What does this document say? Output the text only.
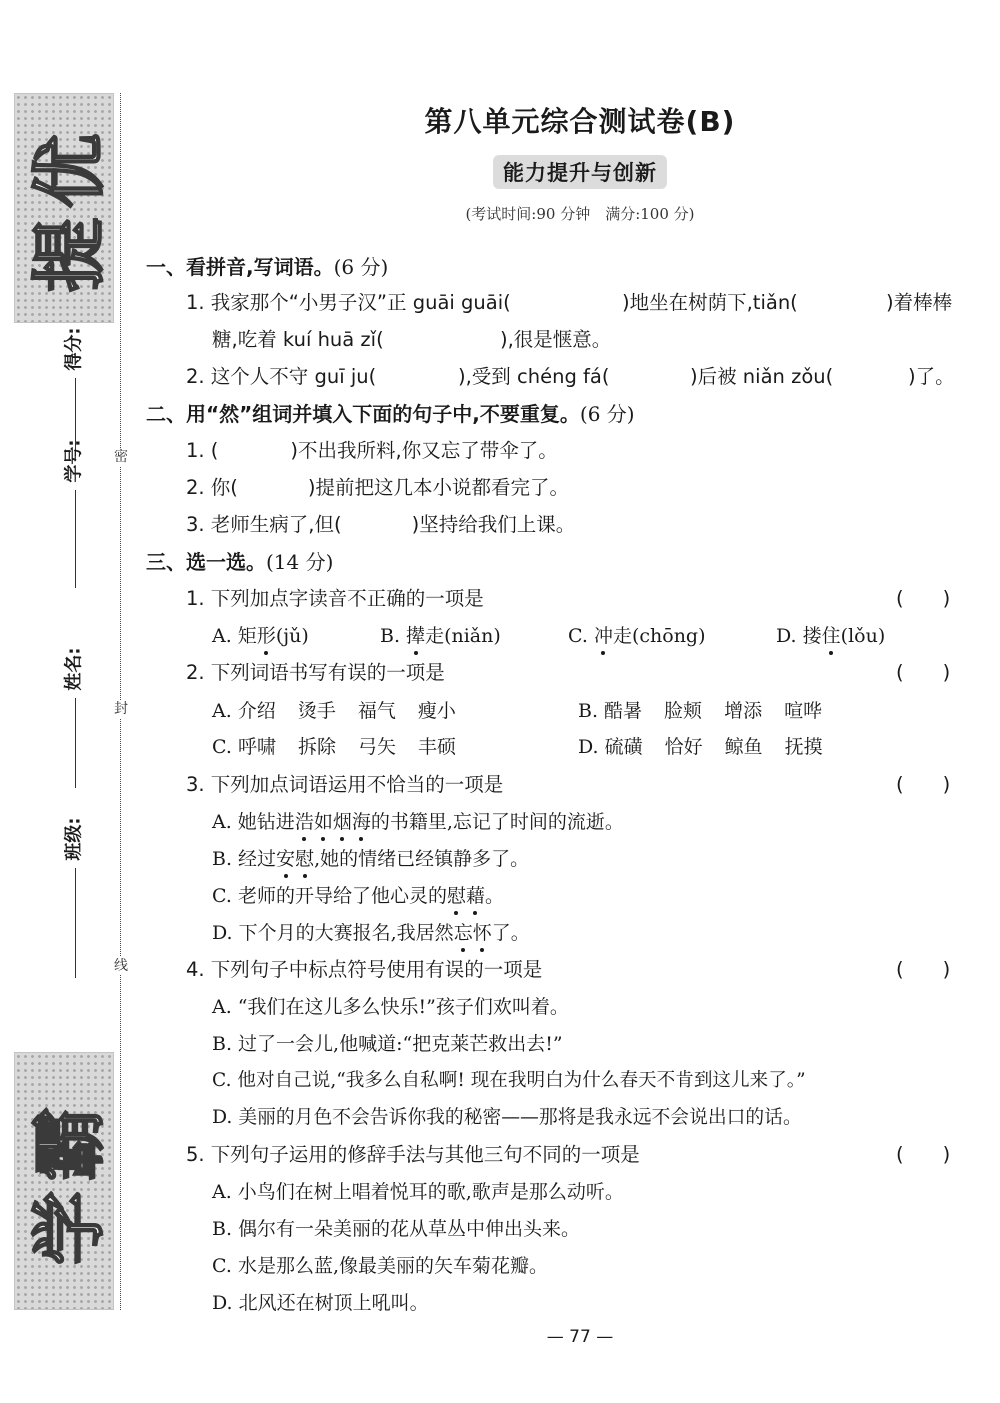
提优
得分:
学号:
姓名:
班级:
学霸
密
封
线
第八单元综合测试卷(B)
能力提升与创新
(考试时间:90 分钟　满分:100 分)
一、看拼音,写词语。(6 分)
1. 我家那个“小男子汉”正 guāi guāi(	)地坐在树荫下,tiǎn(	)着棒棒
糖,吃着 kuí huā zǐ(	),很是惬意。
2. 这个人不守 guī ju(	),受到 chéng fá(	)后被 niǎn zǒu(	)了。
二、用“然”组词并填入下面的句子中,不要重复。(6 分)
1. (	)不出我所料,你又忘了带伞了。
2. 你(	)提前把这几本小说都看完了。
3. 老师生病了,但(	)坚持给我们上课。
三、选一选。(14 分)
1. 下列加点字读音不正确的一项是	(　　)
A. 矩形(jǔ)	B. 撵走(niǎn)	C. 冲走(chōng)	D. 搂住(lǒu)
2. 下列词语书写有误的一项是	(　　)
A. 介绍 烫手 福气 瘦小	B. 酷暑 脸颊 增添 喧哗
C. 呼啸 拆除 弓矢 丰硕	D. 硫磺 恰好 鲸鱼 抚摸
3. 下列加点词语运用不恰当的一项是	(　　)
A. 她钻进浩如烟海的书籍里,忘记了时间的流逝。
B. 经过安慰,她的情绪已经镇静多了。
C. 老师的开导给了他心灵的慰藉。
D. 下个月的大赛报名,我居然忘怀了。
4. 下列句子中标点符号使用有误的一项是	(　　)
A. “我们在这儿多么快乐!”孩子们欢叫着。
B. 过了一会儿,他喊道:“把克莱芒救出去!”
C. 他对自己说,“我多么自私啊! 现在我明白为什么春天不肯到这儿来了。”
D. 美丽的月色不会告诉你我的秘密——那将是我永远不会说出口的话。
5. 下列句子运用的修辞手法与其他三句不同的一项是	(　　)
A. 小鸟们在树上唱着悦耳的歌,歌声是那么动听。
B. 偶尔有一朵美丽的花从草丛中伸出头来。
C. 水是那么蓝,像最美丽的矢车菊花瓣。
D. 北风还在树顶上吼叫。
— 77 —
